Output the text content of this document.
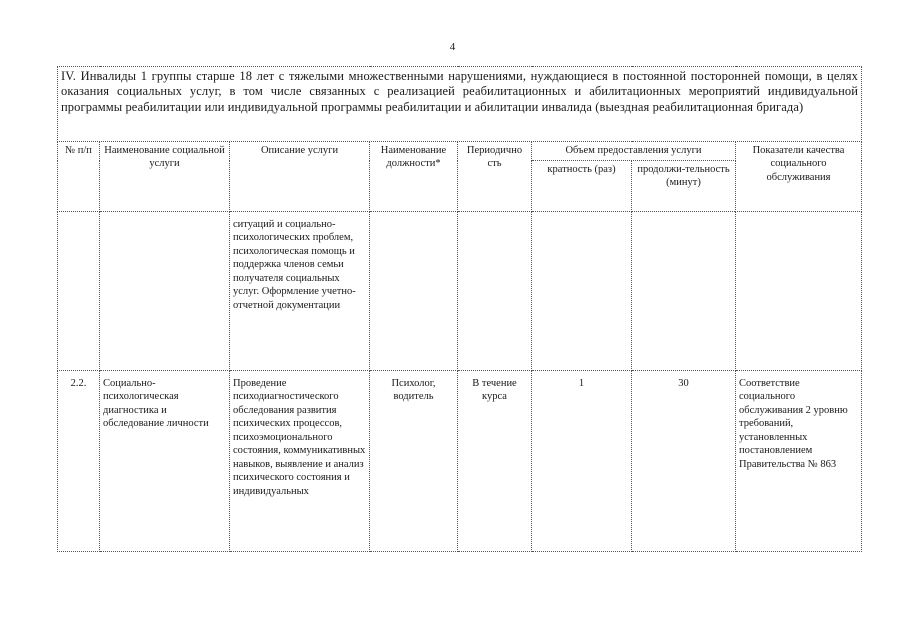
4
IV. Инвалиды 1 группы старше 18 лет с тяжелыми множественными нарушениями, нуждающиеся в постоянной посторонней помощи, в целях оказания социальных услуг, в том числе связанных с реализацией реабилитационных и абилитационных мероприятий индивидуальной программы реабилитации или индивидуальной программы реабилитации и абилитации инвалида (выездная реабилитационная бригада)							
№ п/п	Наименование социальной услуги	Описание услуги	Наименование должности*	Периодично сть	Объем предоставления услуги		Показатели качества социального обслуживания
					кратность (раз)	продолжи-тельность (минут)	
		ситуаций и социально-психологических проблем, психологическая помощь и поддержка членов семьи получателя социальных услуг. Оформление учетно-отчетной документации					
2.2.	Социально-психологическая диагностика и обследование личности	Проведение психодиагностического обследования развития психических процессов, психоэмоционального состояния, коммуникативных навыков, выявление и анализ психического состояния и индивидуальных	Психолог, водитель	В течение курса	1	30	Соответствие социального обслуживания 2 уровню требований, установленных постановлением Правительства № 863
